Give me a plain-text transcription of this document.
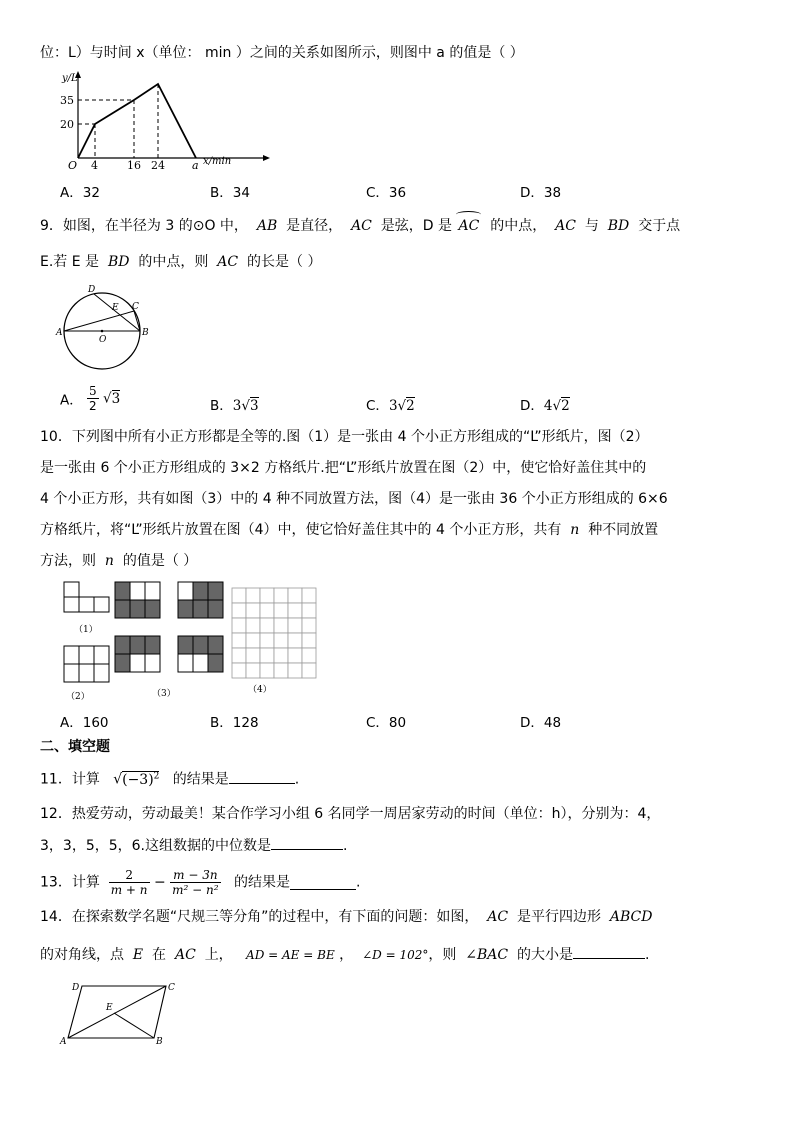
位：L）与时间 x（单位： min ）之间的关系如图所示，则图中 a 的值是（ ）
y/L
35
20
O 4	16 24 a x/min
A．32	B．34	C．36	D．38
9．如图，在半径为 3 的⊙O 中， AB 是直径， AC 是弦，D 是 AC 的中点， AC 与 BD 交于点
E.若 E 是 BD 的中点，则 AC 的长是（ ）
A	B
C
D
E
O
A． $\frac{5}{2} √3$	B．3√3	C．3√2	D．4√2
10．下列图中所有小正方形都是全等的.图（1）是一张由 4 个小正方形组成的“L”形纸片，图（2）
是一张由 6 个小正方形组成的 3×2 方格纸片.把“L”形纸片放置在图（2）中，使它恰好盖住其中的
4 个小正方形，共有如图（3）中的 4 种不同放置方法，图（4）是一张由 36 个小正方形组成的 6×6
方格纸片，将“L”形纸片放置在图（4）中，使它恰好盖住其中的 4 个小正方形，共有 n 种不同放置
方法，则 n 的值是（ ）
（1）
（2）	（3）	（4）
A．160	B．128	C．80	D．48
二、填空题
11．计算 $√(-3)^2$ 的结果是	.
12．热爱劳动，劳动最美！某合作学习小组 6 名同学一周居家劳动的时间（单位：h），分别为：4，
3，3，5，5，6.这组数据的中位数是	.
13．计算 $\frac{2}{m + n} - \frac{m - 3n}{\text{m² − n²}}$ 的结果是	.
14．在探索数学名题“尺规三等分角”的过程中，有下面的问题：如图， AC 是平行四边形 ABCD
的对角线，点 E 在 AC 上， AD = AE = BE ， ∠D = 102°，则 ∠BAC 的大小是	.
A	B
C
D
E
